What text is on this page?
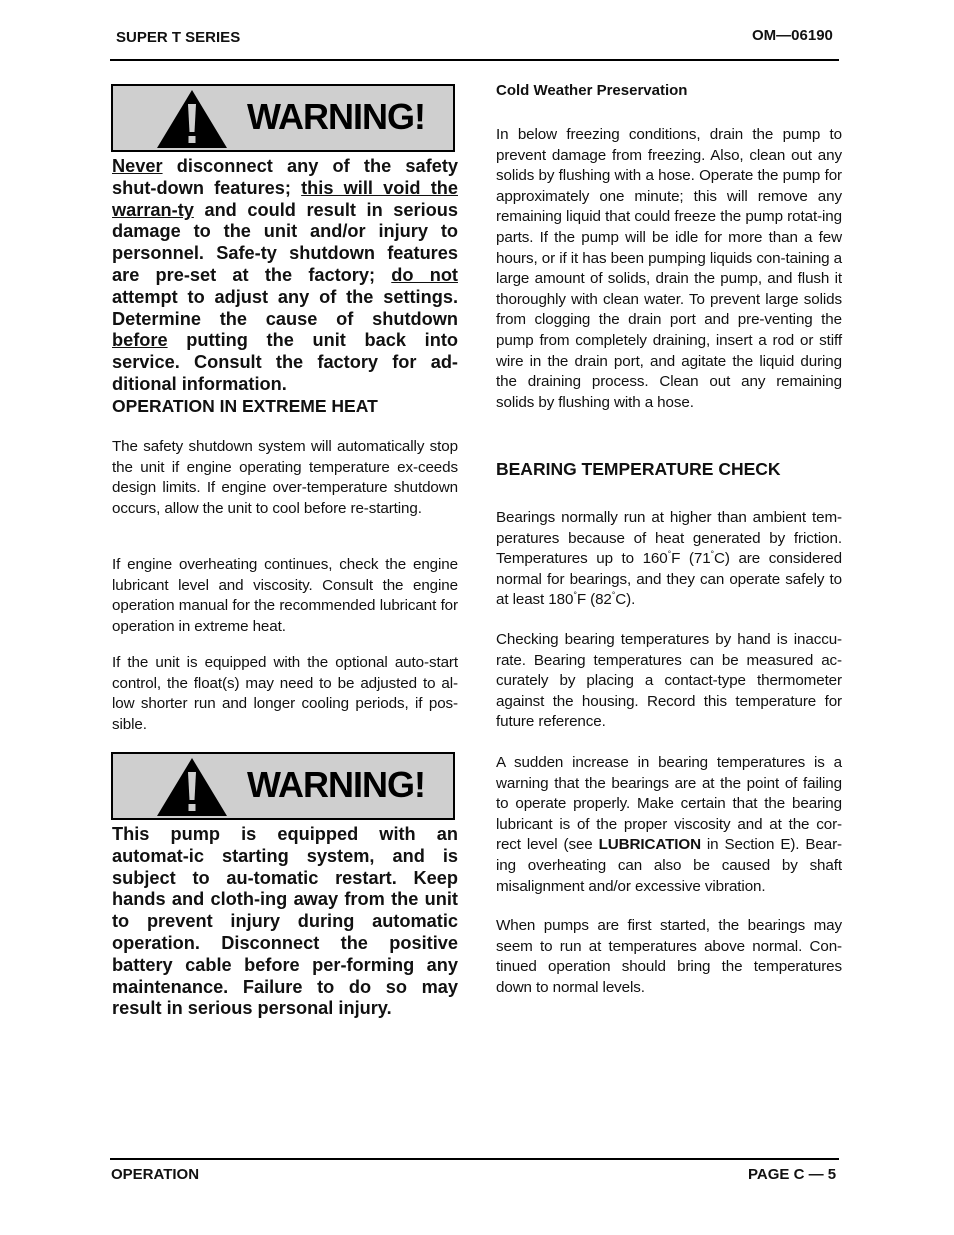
SUPER T SERIES	OM—06190
WARNING!
Never disconnect any of the safety shut-down features; this will void the warran-ty and could result in serious damage to the unit and/or injury to personnel. Safe-ty shutdown features are pre-set at the factory; do not attempt to adjust any of the settings. Determine the cause of shutdown before putting the unit back into service. Consult the factory for ad-ditional information.
OPERATION IN EXTREME HEAT
The safety shutdown system will automatically stop the unit if engine operating temperature ex-ceeds design limits. If engine over-temperature shutdown occurs, allow the unit to cool before re-starting.
If engine overheating continues, check the engine lubricant level and viscosity. Consult the engine operation manual for the recommended lubricant for operation in extreme heat.
If the unit is equipped with the optional auto-start control, the float(s) may need to be adjusted to al-low shorter run and longer cooling periods, if pos-sible.
WARNING!
This pump is equipped with an automat-ic starting system, and is subject to au-tomatic restart. Keep hands and cloth-ing away from the unit to prevent injury during automatic operation. Disconnect the positive battery cable before per-forming any maintenance. Failure to do so may result in serious personal injury.
Cold Weather Preservation
In below freezing conditions, drain the pump to prevent damage from freezing. Also, clean out any solids by flushing with a hose. Operate the pump for approximately one minute; this will remove any remaining liquid that could freeze the pump rotat-ing parts. If the pump will be idle for more than a few hours, or if it has been pumping liquids con-taining a large amount of solids, drain the pump, and flush it thoroughly with clean water. To prevent large solids from clogging the drain port and pre-venting the pump from completely draining, insert a rod or stiff wire in the drain port, and agitate the liquid during the draining process. Clean out any remaining solids by flushing with a hose.
BEARING TEMPERATURE CHECK
Bearings normally run at higher than ambient tem-peratures because of heat generated by friction. Temperatures up to 160°F (71°C) are considered normal for bearings, and they can operate safely to at least 180°F (82°C).
Checking bearing temperatures by hand is inaccu-rate. Bearing temperatures can be measured ac-curately by placing a contact-type thermometer against the housing. Record this temperature for future reference.
A sudden increase in bearing temperatures is a warning that the bearings are at the point of failing to operate properly. Make certain that the bearing lubricant is of the proper viscosity and at the cor-rect level (see LUBRICATION in Section E). Bear-ing overheating can also be caused by shaft misalignment and/or excessive vibration.
When pumps are first started, the bearings may seem to run at temperatures above normal. Con-tinued operation should bring the temperatures down to normal levels.
OPERATION	PAGE C — 5
